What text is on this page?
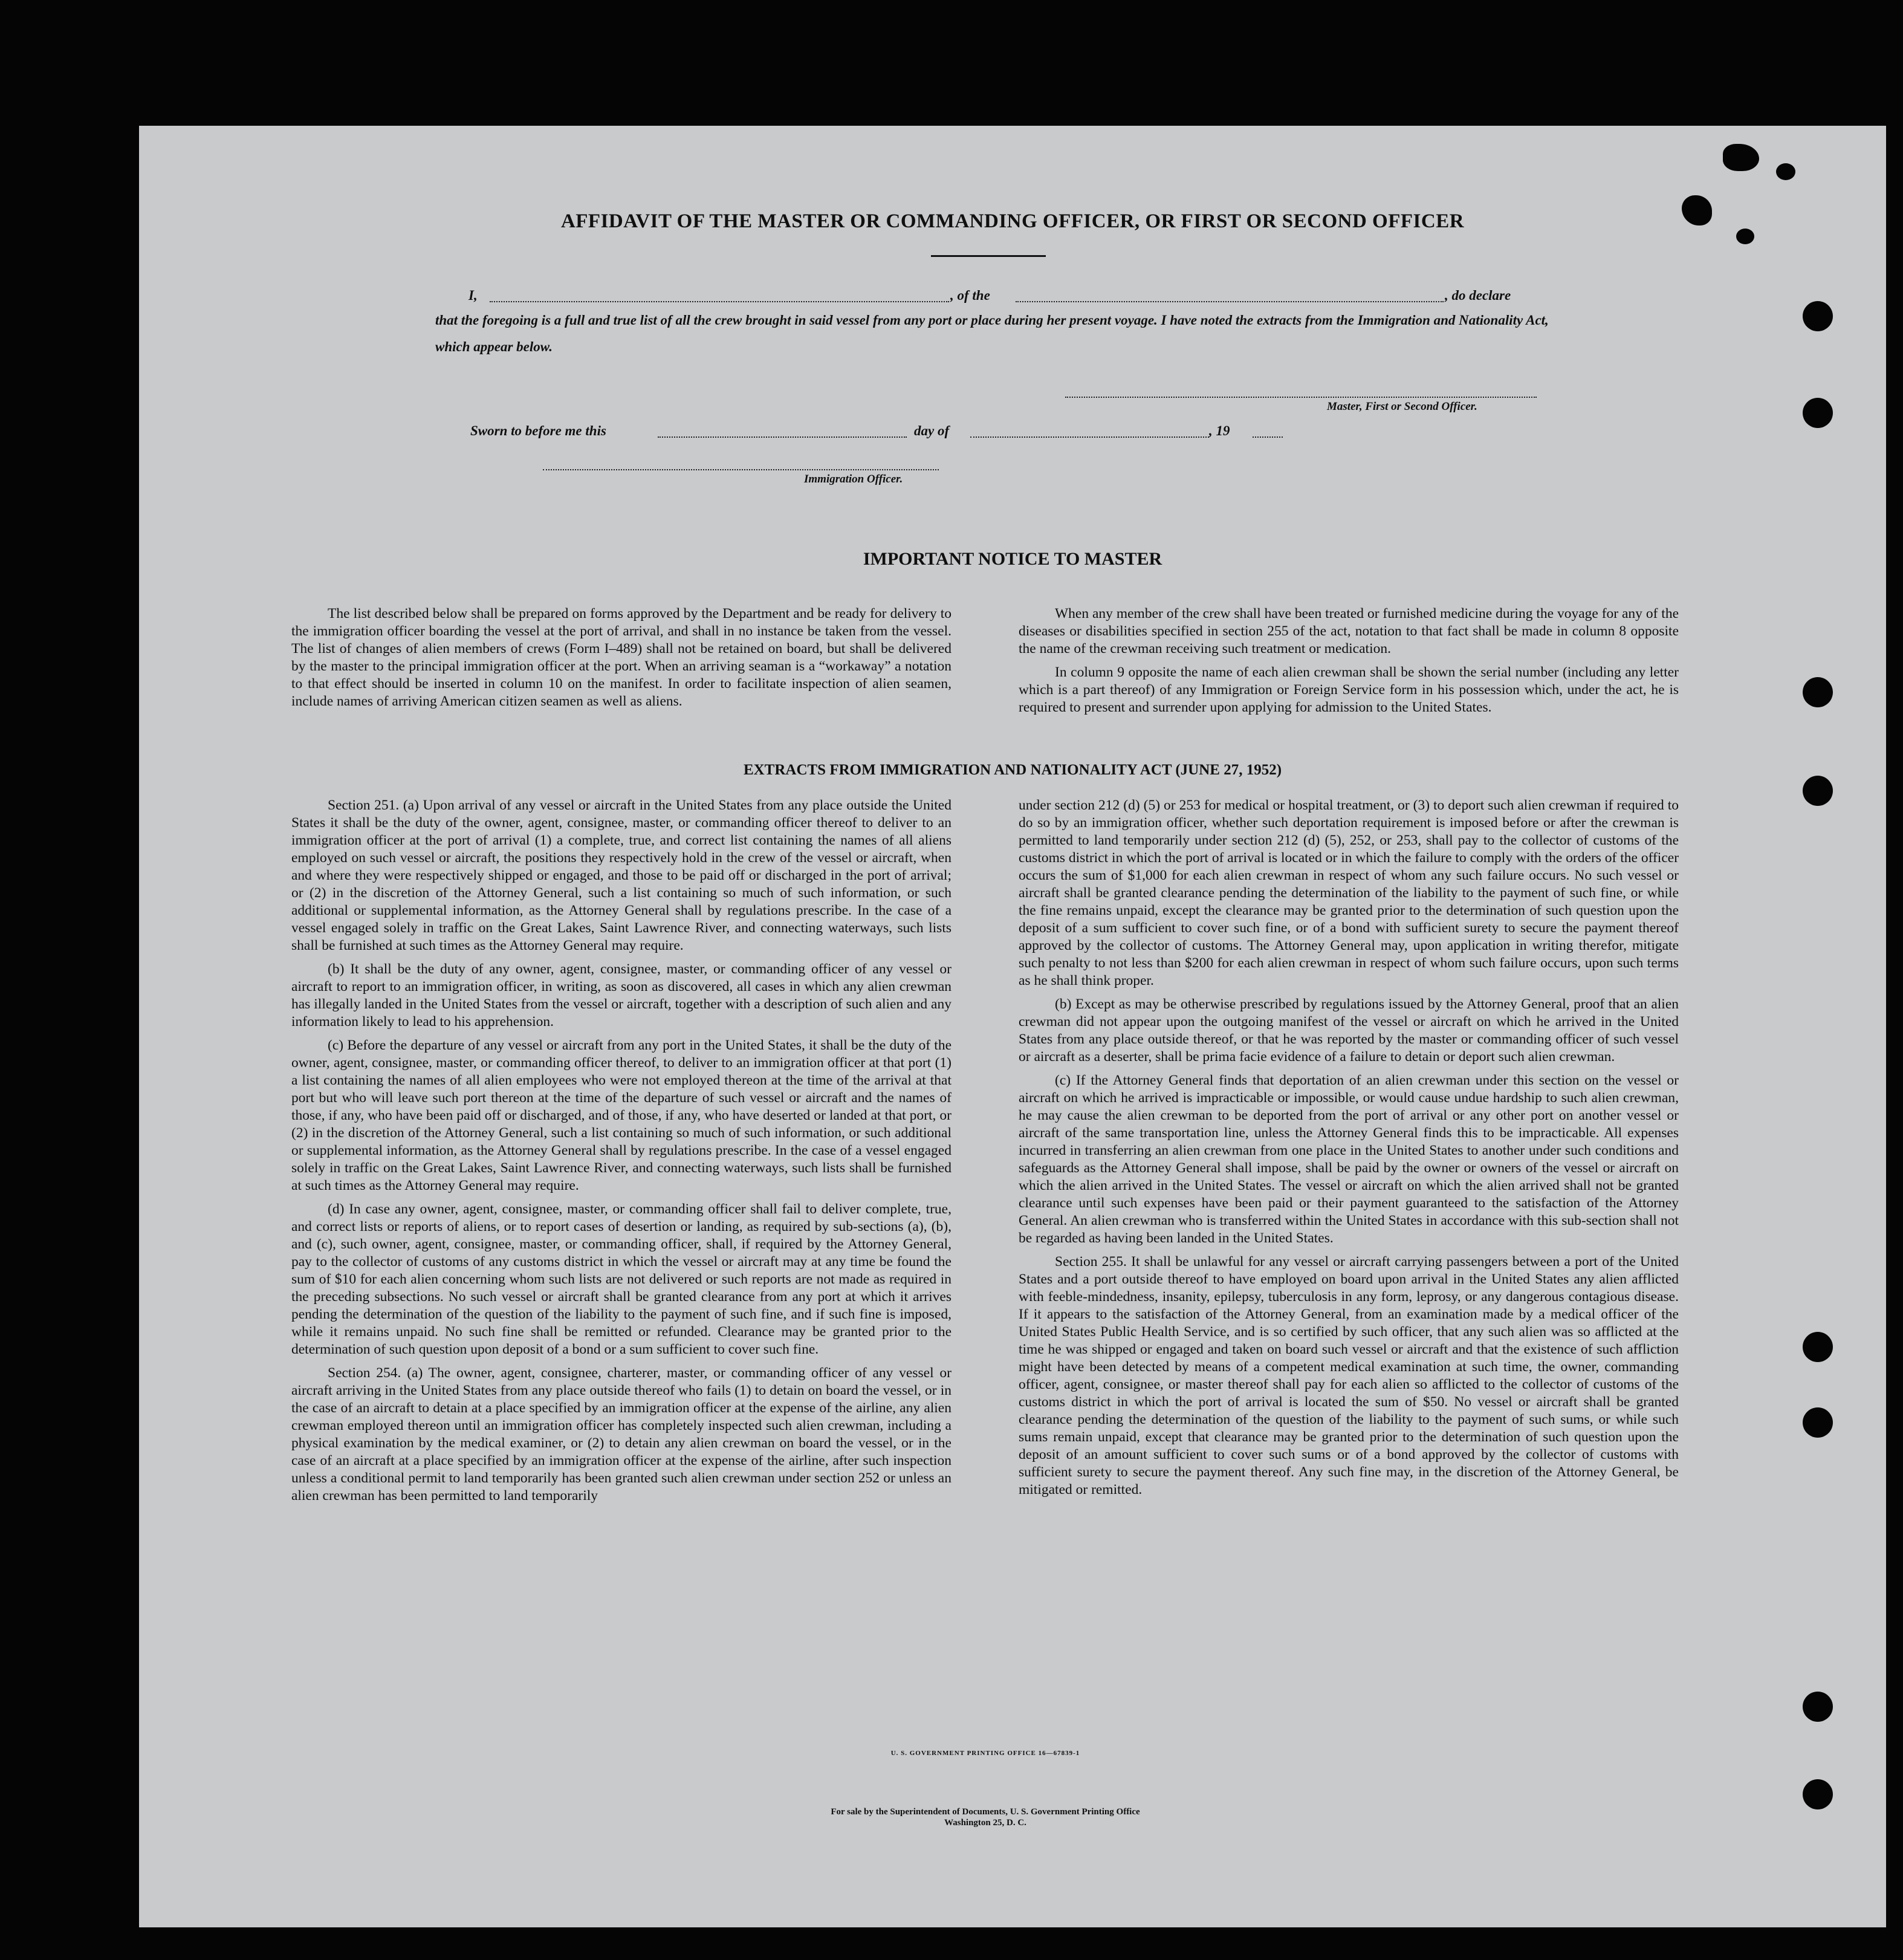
AFFIDAVIT OF THE MASTER OR COMMANDING OFFICER, OR FIRST OR SECOND OFFICER
I,	, of the	, do declare
that the foregoing is a full and true list of all the crew brought in said vessel from any port or place during her present voyage. I have noted the extracts from the Immigration and Nationality Act, which appear below.
Master, First or Second Officer.
Sworn to before me this	day of	, 19
Immigration Officer.
IMPORTANT NOTICE TO MASTER

The list described below shall be prepared on forms approved by the Department and be ready for delivery to the immigration officer boarding the vessel at the port of arrival, and shall in no instance be taken from the vessel. The list of changes of alien members of crews (Form I–489) shall not be retained on board, but shall be delivered by the master to the principal immigration officer at the port. When an arriving seaman is a “workaway” a notation to that effect should be inserted in column 10 on the manifest. In order to facilitate inspection of alien seamen, include names of arriving American citizen seamen as well as aliens.

When any member of the crew shall have been treated or furnished medicine during the voyage for any of the diseases or disabilities specified in section 255 of the act, notation to that fact shall be made in column 8 opposite the name of the crewman receiving such treatment or medication.

In column 9 opposite the name of each alien crewman shall be shown the serial number (including any letter which is a part thereof) of any Immigration or Foreign Service form in his possession which, under the act, he is required to present and surrender upon applying for admission to the United States.

EXTRACTS FROM IMMIGRATION AND NATIONALITY ACT (JUNE 27, 1952)

Section 251. (a) Upon arrival of any vessel or aircraft in the United States from any place outside the United States it shall be the duty of the owner, agent, consignee, master, or commanding officer thereof to deliver to an immigration officer at the port of arrival (1) a complete, true, and correct list containing the names of all aliens employed on such vessel or aircraft, the positions they respectively hold in the crew of the vessel or aircraft, when and where they were respectively shipped or engaged, and those to be paid off or discharged in the port of arrival; or (2) in the discretion of the Attorney General, such a list containing so much of such information, or such additional or supplemental information, as the Attorney General shall by regulations prescribe. In the case of a vessel engaged solely in traffic on the Great Lakes, Saint Lawrence River, and connecting waterways, such lists shall be furnished at such times as the Attorney General may require.

(b) It shall be the duty of any owner, agent, consignee, master, or commanding officer of any vessel or aircraft to report to an immigration officer, in writing, as soon as discovered, all cases in which any alien crewman has illegally landed in the United States from the vessel or aircraft, together with a description of such alien and any information likely to lead to his apprehension.

(c) Before the departure of any vessel or aircraft from any port in the United States, it shall be the duty of the owner, agent, consignee, master, or commanding officer thereof, to deliver to an immigration officer at that port (1) a list containing the names of all alien employees who were not employed thereon at the time of the arrival at that port but who will leave such port thereon at the time of the departure of such vessel or aircraft and the names of those, if any, who have been paid off or discharged, and of those, if any, who have deserted or landed at that port, or (2) in the discretion of the Attorney General, such a list containing so much of such information, or such additional or supplemental information, as the Attorney General shall by regulations prescribe. In the case of a vessel engaged solely in traffic on the Great Lakes, Saint Lawrence River, and connecting waterways, such lists shall be furnished at such times as the Attorney General may require.

(d) In case any owner, agent, consignee, master, or commanding officer shall fail to deliver complete, true, and correct lists or reports of aliens, or to report cases of desertion or landing, as required by sub-sections (a), (b), and (c), such owner, agent, consignee, master, or commanding officer, shall, if required by the Attorney General, pay to the collector of customs of any customs district in which the vessel or aircraft may at any time be found the sum of $10 for each alien concerning whom such lists are not delivered or such reports are not made as required in the preceding subsections. No such vessel or aircraft shall be granted clearance from any port at which it arrives pending the determination of the question of the liability to the payment of such fine, and if such fine is imposed, while it remains unpaid. No such fine shall be remitted or refunded. Clearance may be granted prior to the determination of such question upon deposit of a bond or a sum sufficient to cover such fine.

Section 254. (a) The owner, agent, consignee, charterer, master, or commanding officer of any vessel or aircraft arriving in the United States from any place outside thereof who fails (1) to detain on board the vessel, or in the case of an aircraft to detain at a place specified by an immigration officer at the expense of the airline, any alien crewman employed thereon until an immigration officer has completely inspected such alien crewman, including a physical examination by the medical examiner, or (2) to detain any alien crewman on board the vessel, or in the case of an aircraft at a place specified by an immigration officer at the expense of the airline, after such inspection unless a conditional permit to land temporarily has been granted such alien crewman under section 252 or unless an alien crewman has been permitted to land temporarily

under section 212 (d) (5) or 253 for medical or hospital treatment, or (3) to deport such alien crewman if required to do so by an immigration officer, whether such deportation requirement is imposed before or after the crewman is permitted to land temporarily under section 212 (d) (5), 252, or 253, shall pay to the collector of customs of the customs district in which the port of arrival is located or in which the failure to comply with the orders of the officer occurs the sum of $1,000 for each alien crewman in respect of whom any such failure occurs. No such vessel or aircraft shall be granted clearance pending the determination of the liability to the payment of such fine, or while the fine remains unpaid, except the clearance may be granted prior to the determination of such question upon the deposit of a sum sufficient to cover such fine, or of a bond with sufficient surety to secure the payment thereof approved by the collector of customs. The Attorney General may, upon application in writing therefor, mitigate such penalty to not less than $200 for each alien crewman in respect of whom such failure occurs, upon such terms as he shall think proper.

(b) Except as may be otherwise prescribed by regulations issued by the Attorney General, proof that an alien crewman did not appear upon the outgoing manifest of the vessel or aircraft on which he arrived in the United States from any place outside thereof, or that he was reported by the master or commanding officer of such vessel or aircraft as a deserter, shall be prima facie evidence of a failure to detain or deport such alien crewman.

(c) If the Attorney General finds that deportation of an alien crewman under this section on the vessel or aircraft on which he arrived is impracticable or impossible, or would cause undue hardship to such alien crewman, he may cause the alien crewman to be deported from the port of arrival or any other port on another vessel or aircraft of the same transportation line, unless the Attorney General finds this to be impracticable. All expenses incurred in transferring an alien crewman from one place in the United States to another under such conditions and safeguards as the Attorney General shall impose, shall be paid by the owner or owners of the vessel or aircraft on which the alien arrived in the United States. The vessel or aircraft on which the alien arrived shall not be granted clearance until such expenses have been paid or their payment guaranteed to the satisfaction of the Attorney General. An alien crewman who is transferred within the United States in accordance with this sub-section shall not be regarded as having been landed in the United States.

Section 255. It shall be unlawful for any vessel or aircraft carrying passengers between a port of the United States and a port outside thereof to have employed on board upon arrival in the United States any alien afflicted with feeble-mindedness, insanity, epilepsy, tuberculosis in any form, leprosy, or any dangerous contagious disease. If it appears to the satisfaction of the Attorney General, from an examination made by a medical officer of the United States Public Health Service, and is so certified by such officer, that any such alien was so afflicted at the time he was shipped or engaged and taken on board such vessel or aircraft and that the existence of such affliction might have been detected by means of a competent medical examination at such time, the owner, commanding officer, agent, consignee, or master thereof shall pay for each alien so afflicted to the collector of customs of the customs district in which the port of arrival is located the sum of $50. No vessel or aircraft shall be granted clearance pending the determination of the question of the liability to the payment of such sums, or while such sums remain unpaid, except that clearance may be granted prior to the determination of such question upon the deposit of an amount sufficient to cover such sums or of a bond approved by the collector of customs with sufficient surety to secure the payment thereof. Any such fine may, in the discretion of the Attorney General, be mitigated or remitted.

U. S. GOVERNMENT PRINTING OFFICE 16—67839-1
For sale by the Superintendent of Documents, U. S. Government Printing Office
Washington 25, D. C.
